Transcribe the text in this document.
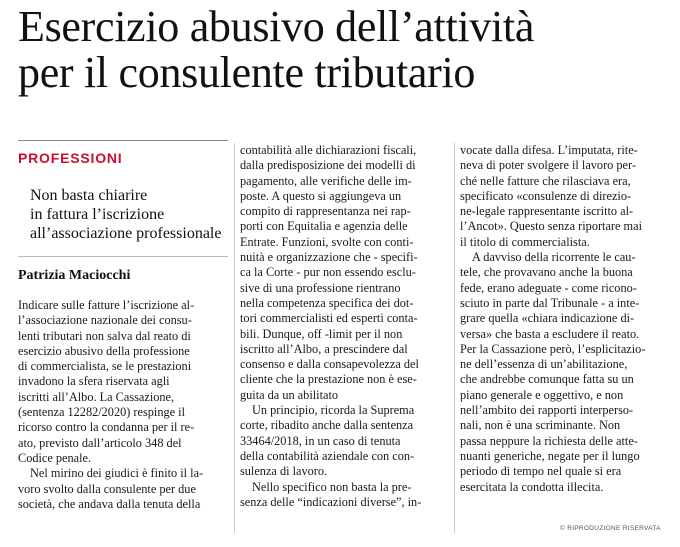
Esercizio abusivo dell’attività
per il consulente tributario
PROFESSIONI
Non basta chiarire
in fattura l’iscrizione
all’associazione professionale
Patrizia Maciocchi

Indicare sulle fatture l’iscrizione al-

l’associazione nazionale dei consu-

lenti tributari non salva dal reato di

esercizio abusivo della professione

di commercialista, se le prestazioni

invadono la sfera riservata agli

iscritti all’Albo. La Cassazione,

(sentenza 12282/2020) respinge il

ricorso contro la condanna per il re-

ato, previsto dall’articolo 348 del

Codice penale.

Nel mirino dei giudici è finito il la-

voro svolto dalla consulente per due

società, che andava dalla tenuta della

contabilità alle dichiarazioni fiscali,

dalla predisposizione dei modelli di

pagamento, alle verifiche delle im-

poste. A questo si aggiungeva un

compito di rappresentanza nei rap-

porti con Equitalia e agenzia delle

Entrate. Funzioni, svolte con conti-

nuità e organizzazione che - specifi-

ca la Corte - pur non essendo esclu-

sive di una professione rientrano

nella competenza specifica dei dot-

tori commercialisti ed esperti conta-

bili. Dunque, off -limit per il non

iscritto all’Albo, a prescindere dal

consenso e dalla consapevolezza del

cliente che la prestazione non è ese-

guita da un abilitato

Un principio, ricorda la Suprema

corte, ribadito anche dalla sentenza

33464/2018, in un caso di tenuta

della contabilità aziendale con con-

sulenza di lavoro.

Nello specifico non basta la pre-

senza delle “indicazioni diverse”, in-

vocate dalla difesa. L’imputata, rite-

neva di poter svolgere il lavoro per-

ché nelle fatture che rilasciava era,

specificato «consulenze di direzio-

ne-legale rappresentante iscritto al-

l’Ancot». Questo senza riportare mai

il titolo di commercialista.

A davviso della ricorrente le cau-

tele, che provavano anche la buona

fede, erano adeguate - come ricono-

sciuto in parte dal Tribunale - a inte-

grare quella «chiara indicazione di-

versa» che basta a escludere il reato.

Per la Cassazione però, l’esplicitazio-

ne dell’essenza di un’abilitazione,

che andrebbe comunque fatta su un

piano generale e oggettivo, e non

nell’ambito dei rapporti interperso-

nali, non è una scriminante. Non

passa neppure la richiesta delle atte-

nuanti generiche, negate per il lungo

periodo di tempo nel quale si era

esercitata la condotta illecita.

© RIPRODUZIONE RISERVATA
